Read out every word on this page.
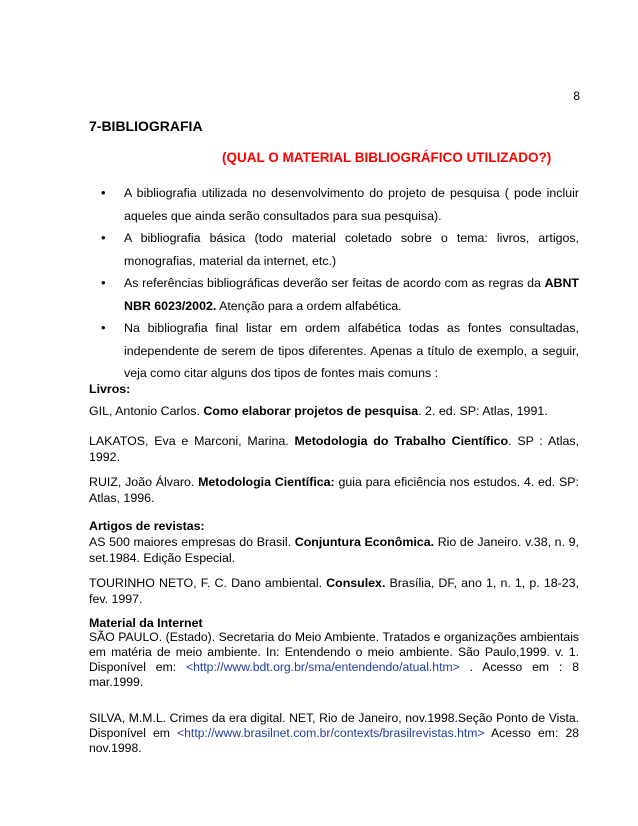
8
7-BIBLIOGRAFIA
(QUAL O MATERIAL BIBLIOGRÁFICO UTILIZADO?)
• A bibliografia utilizada no desenvolvimento do projeto de pesquisa ( pode incluir aqueles que ainda serão consultados para sua pesquisa).
• A bibliografia básica (todo material coletado sobre o tema: livros, artigos, monografias, material da internet, etc.)
• As referências bibliográficas deverão ser feitas de acordo com as regras da ABNT NBR 6023/2002. Atenção para a ordem alfabética.
• Na bibliografia final listar em ordem alfabética todas as fontes consultadas, independente de serem de tipos diferentes. Apenas a título de exemplo, a seguir, veja como citar alguns dos tipos de fontes mais comuns :
Livros:
GIL, Antonio Carlos. Como elaborar projetos de pesquisa. 2. ed. SP: Atlas, 1991.
LAKATOS, Eva e Marconi, Marina. Metodologia do Trabalho Científico. SP : Atlas, 1992.
RUIZ, João Álvaro. Metodologia Científica: guia para eficiência nos estudos. 4. ed. SP: Atlas, 1996.
Artigos de revistas:
AS 500 maiores empresas do Brasil. Conjuntura Econômica. Rio de Janeiro. v.38, n. 9, set.1984. Edição Especial.
TOURINHO NETO, F. C. Dano ambiental. Consulex. Brasília, DF, ano 1, n. 1, p. 18-23, fev. 1997.
Material da Internet
SÃO PAULO. (Estado). Secretaria do Meio Ambiente. Tratados e organizações ambientais em matéria de meio ambiente. In: Entendendo o meio ambiente. São Paulo,1999. v. 1. Disponível em: <http://www.bdt.org.br/sma/entendendo/atual.htm> . Acesso em : 8 mar.1999.
SILVA, M.M.L. Crimes da era digital. NET, Rio de Janeiro, nov.1998.Seção Ponto de Vista. Disponível em <http://www.brasilnet.com.br/contexts/brasilrevistas.htm> Acesso em: 28 nov.1998.
